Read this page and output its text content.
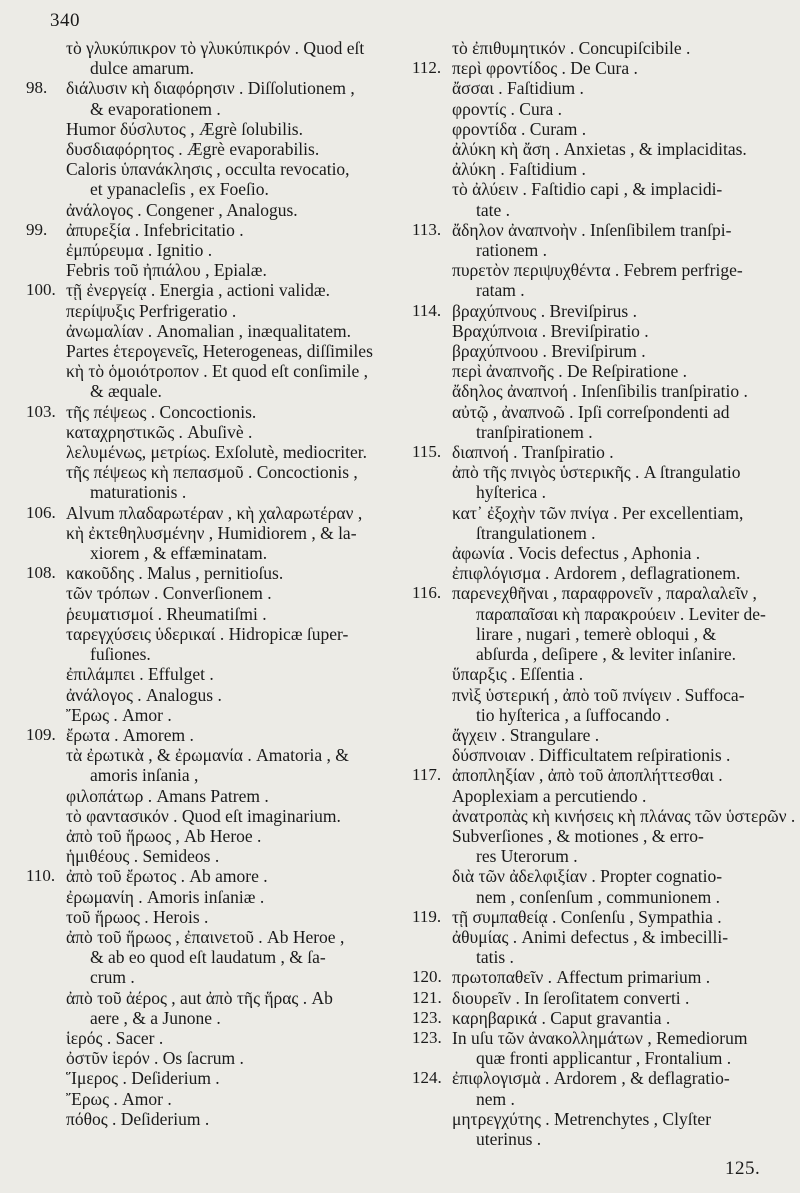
340
τὸ γλυκύπικρον τὸ γλυκύπικρόν . Quod eſt
dulce amarum.
98.	διάλυσιν κὴ διαφόρησιν . Diſſolutionem ,
& evaporationem .
Humor δύσλυτος , Ægrè ſolubilis.
δυσδιαφόρητος . Ægrè evaporabilis.
Caloris ὑπανάκλησις , occulta revocatio,
et ypanacleſis , ex Foeſio.
ἀνάλογος . Congener , Analogus.
99.	ἀπυρεξία . Infebricitatio .
ἐμπύρευμα . Ignitio .
Febris τοῦ ἠπιάλου , Epialæ.
100. τῇ ἐνεργείᾳ . Energia , actioni validæ.
περίψυξις Perfrigeratio .
ἀνωμαλίαν . Anomalian , inæqualitatem.
Partes ἑτερογενεῖς, Heterogeneas, diſſimiles
κὴ τὸ ὁμοιότροπον . Et quod eſt conſimile ,
& æquale.
103. τῆς πέψεως . Concoctionis.
καταχρηστικῶς . Abuſivè .
λελυμένως, μετρίως. Exſolutè, mediocriter.
τῆς πέψεως κὴ πεπασμοῦ . Concoctionis ,
maturationis .
106. Alvum πλαδαρωτέραν , κὴ χαλαρωτέραν ,
κὴ ἐκτεθηλυσμένην , Humidiorem , & la-
xiorem , & effæminatam.
108. κακοῦδης . Malus , pernitioſus.
τῶν τρόπων . Converſionem .
ῥευματισμοί . Rheumatiſmi .
ταρεγχύσεις ὑδερικαί . Hidropicæ ſuper-
fuſiones.
ἐπιλάμπει . Effulget .
ἀνάλογος . Analogus .
Ἔρως . Amor .
109. ἔρωτα . Amorem .
τὰ ἐρωτικὰ , & ἐρωμανία . Amatoria , &
amoris inſania ,
φιλοπάτωρ . Amans Patrem .
τὸ φαντασικόν . Quod eſt imaginarium.
ἀπὸ τοῦ ἥρωος , Ab Heroe .
ἡμιθέους . Semideos .
110. ἀπὸ τοῦ ἔρωτος . Ab amore .
ἐρωμανίη . Amoris inſaniæ .
τοῦ ἥρωος . Herois .
ἀπὸ τοῦ ἥρωος , ἐπαινετοῦ . Ab Heroe ,
& ab eo quod eſt laudatum , & ſa-
crum .
ἀπὸ τοῦ ἀέρος , aut ἀπὸ τῆς ἥρας . Ab
aere , & a Junone .
ἱερός . Sacer .
ὀστῦν ἱερόν . Os ſacrum .
Ἵμερος . Deſiderium .
Ἔρως . Amor .
πόθος . Deſiderium .
τὸ ἐπιθυμητικόν . Concupiſcibile .
112. περὶ φροντίδος . De Cura .
ἄσσαι . Faſtidium .
φροντίς . Cura .
φροντίδα . Curam .
ἀλύκη κὴ ἄση . Anxietas , & implaciditas.
ἀλύκη . Faſtidium .
τὸ ἀλύειν . Faſtidio capi , & implacidi-
tate .
113. ἄδηλον ἀναπνοὴν . Inſenſibilem tranſpi-
rationem .
πυρετὸν περιψυχθέντα . Febrem perfrige-
ratam .
114. βραχύπνους . Breviſpirus .
Βραχύπνοια . Breviſpiratio .
βραχύπνοου . Breviſpirum .
περὶ ἀναπνοῆς . De Reſpiratione .
ἄδηλος ἀναπνοή . Inſenſibilis tranſpiratio .
αὐτῷ , ἀναπνοῶ . Ipſi correſpondenti ad
tranſpirationem .
115. διαπνοή . Tranſpiratio .
ἀπὸ τῆς πνιγὸς ὑστερικῆς . A ſtrangulatio
hyſterica .
κατ᾽ ἐξοχὴν τῶν πνίγα . Per excellentiam,
ſtrangulationem .
ἀφωνία . Vocis defectus , Aphonia .
ἐπιφλόγισμα . Ardorem , deflagrationem.
116. παρενεχθῆναι , παραφρονεῖν , παραλαλεῖν ,
παραπαῖσαι κὴ παρακρούειν . Leviter de-
lirare , nugari , temerè obloqui , &
abſurda , deſipere , & leviter inſanire.
ὕπαρξις . Eſſentia .
πνὶξ ὑστερική , ἀπὸ τοῦ πνίγειν . Suffoca-
tio hyſterica , a ſuffocando .
ἄγχειν . Strangulare .
δύσπνοιαν . Difficultatem reſpirationis .
117. ἀποπληξίαν , ἀπὸ τοῦ ἀποπλήττεσθαι .
Apoplexiam a percutiendo .
ἀνατροπὰς κὴ κινήσεις κὴ πλάνας τῶν ὑστερῶν .
Subverſiones , & motiones , & erro-
res Uterorum .
διὰ τῶν ἀδελφιξίαν . Propter cognatio-
nem , conſenſum , communionem .
119. τῇ συμπαθείᾳ . Conſenſu , Sympathia .
ἀθυμίας . Animi defectus , & imbecilli-
tatis .
120. πρωτοπαθεῖν . Affectum primarium .
121. διουρεῖν . In ſeroſitatem converti .
123. καρηβαρικά . Caput gravantia .
123. In uſu τῶν ἀνακολλημάτων , Remediorum
quæ fronti applicantur , Frontalium .
124. ἐπιφλογισμὰ . Ardorem , & deflagratio-
nem .
μητρεγχύτης . Metrenchytes , Clyſter
uterinus .
125.
